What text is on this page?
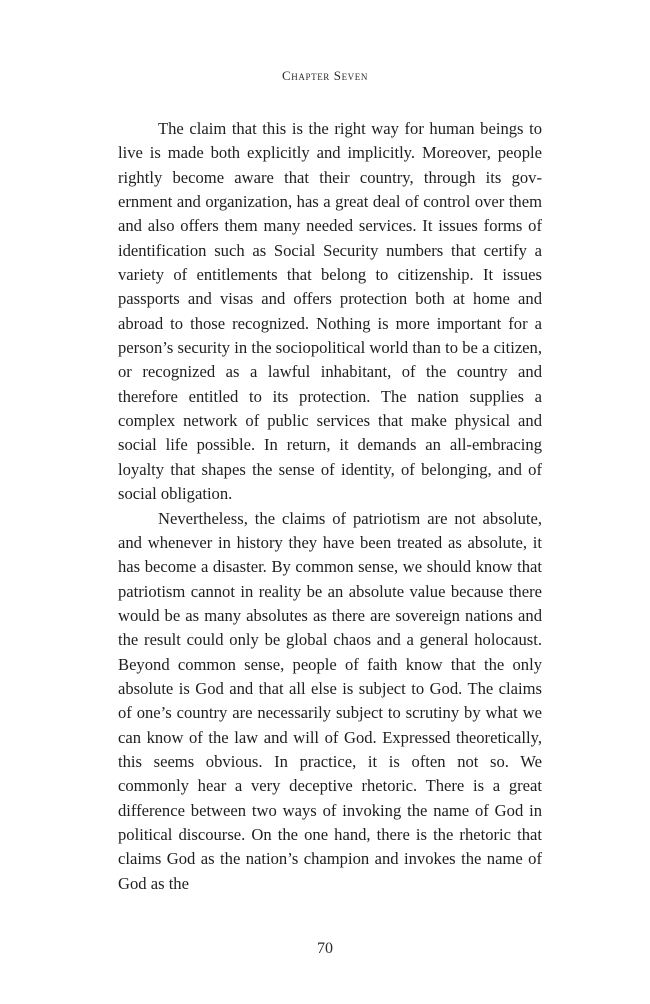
Chapter Seven

The claim that this is the right way for human beings to live is made both explicitly and implicitly. Moreover, people rightly become aware that their country, through its government and organization, has a great deal of control over them and also offers them many needed services. It issues forms of identification such as Social Security numbers that certify a variety of entitlements that belong to citizenship. It issues passports and visas and offers protection both at home and abroad to those recognized. Nothing is more important for a person’s security in the sociopolitical world than to be a citizen, or recognized as a lawful inhabitant, of the country and therefore entitled to its protection. The nation supplies a complex network of public services that make physical and social life possible. In return, it demands an all-embracing loyalty that shapes the sense of identity, of belonging, and of social obligation.

Nevertheless, the claims of patriotism are not absolute, and whenever in history they have been treated as absolute, it has become a disaster. By common sense, we should know that patriotism cannot in reality be an absolute value because there would be as many absolutes as there are sovereign nations and the result could only be global chaos and a general holocaust. Beyond common sense, people of faith know that the only absolute is God and that all else is subject to God. The claims of one’s country are necessarily subject to scrutiny by what we can know of the law and will of God. Expressed theoretically, this seems obvious. In practice, it is often not so. We commonly hear a very deceptive rhetoric. There is a great difference between two ways of invoking the name of God in political discourse. On the one hand, there is the rhetoric that claims God as the nation’s champion and invokes the name of God as the

70
